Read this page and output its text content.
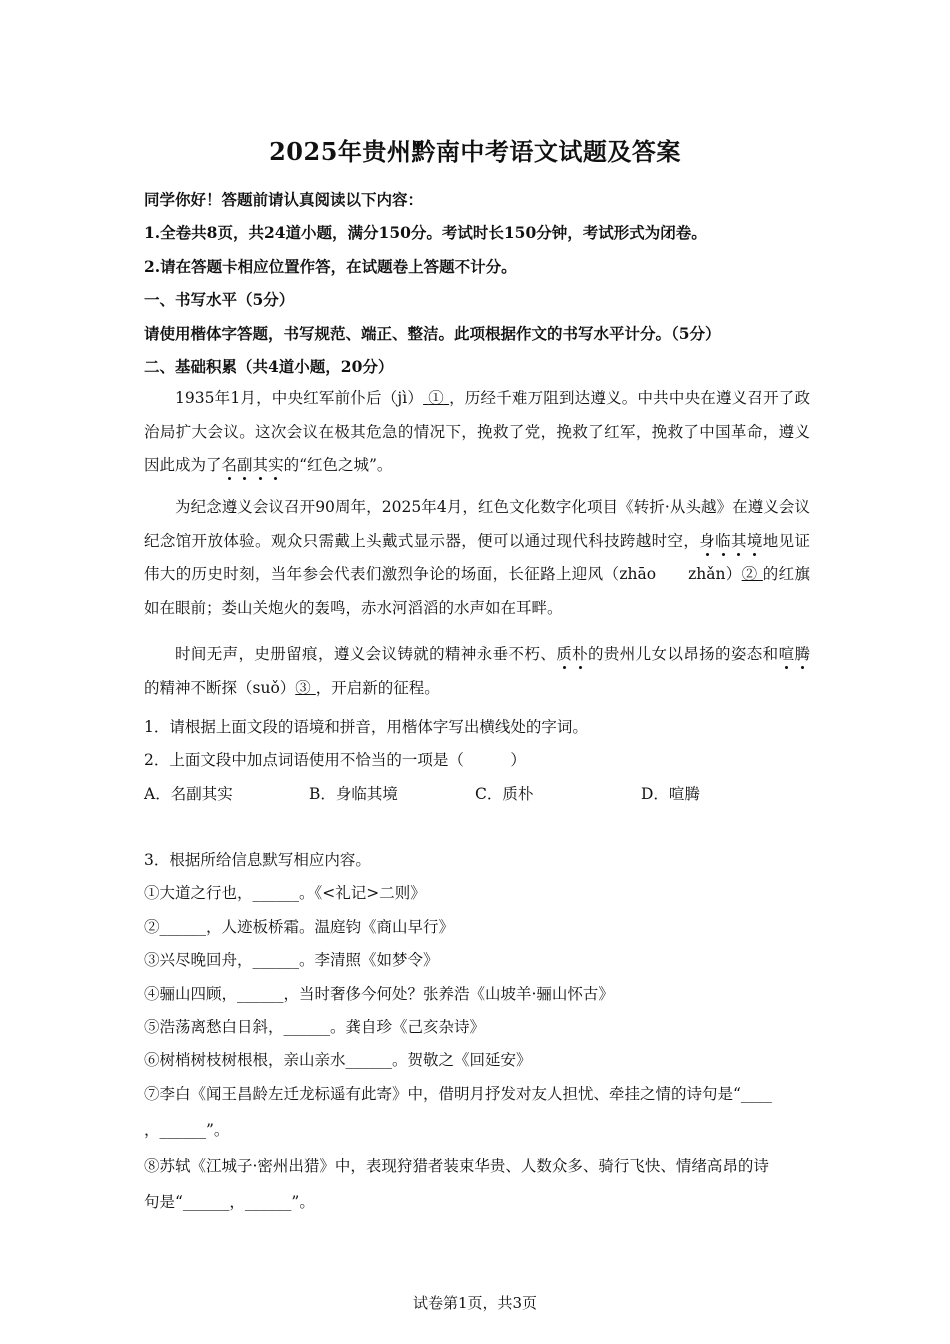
2025年贵州黔南中考语文试题及答案
同学你好！答题前请认真阅读以下内容：
1.全卷共8页，共24道小题，满分150分。考试时长150分钟，考试形式为闭卷。
2.请在答题卡相应位置作答，在试题卷上答题不计分。
一、书写水平（5分）
请使用楷体字答题，书写规范、端正、整洁。此项根据作文的书写水平计分。（5分）
二、基础积累（共4道小题，20分）
1935年1月，中央红军前仆后（jì） ① ，历经千难万阻到达遵义。中共中央在遵义召开了政治局扩大会议。这次会议在极其危急的情况下，挽救了党，挽救了红军，挽救了中国革命，遵义因此成为了名副其实的“红色之城”。
为纪念遵义会议召开90周年，2025年4月，红色文化数字化项目《转折·从头越》在遵义会议纪念馆开放体验。观众只需戴上头戴式显示器，便可以通过现代科技跨越时空，身临其境地见证伟大的历史时刻，当年参会代表们激烈争论的场面，长征路上迎风（zhāo　　zhǎn）② 的红旗如在眼前；娄山关炮火的轰鸣，赤水河滔滔的水声如在耳畔。
时间无声，史册留痕，遵义会议铸就的精神永垂不朽、质朴的贵州儿女以昂扬的姿态和喧腾的精神不断探（suǒ）③ ，开启新的征程。
1．请根据上面文段的语境和拼音，用楷体字写出横线处的字词。
2．上面文段中加点词语使用不恰当的一项是（　　　）
A．名副其实	B．身临其境	C．质朴	D．喧腾
3．根据所给信息默写相应内容。
①大道之行也，______。《<礼记>二则》
②______，人迹板桥霜。温庭钧《商山早行》
③兴尽晚回舟，______。李清照《如梦令》
④骊山四顾，______，当时奢侈今何处？张养浩《山坡羊·骊山怀古》
⑤浩荡离愁白日斜，______。龚自珍《己亥杂诗》
⑥树梢树枝树根根，亲山亲水______。贺敬之《回延安》
⑦李白《闻王昌龄左迁龙标遥有此寄》中，借明月抒发对友人担忧、牵挂之情的诗句是“____
，______”。
⑧苏轼《江城子·密州出猎》中，表现狩猎者装束华贵、人数众多、骑行飞快、情绪高昂的诗
句是“______，______”。
试卷第1页，共3页
